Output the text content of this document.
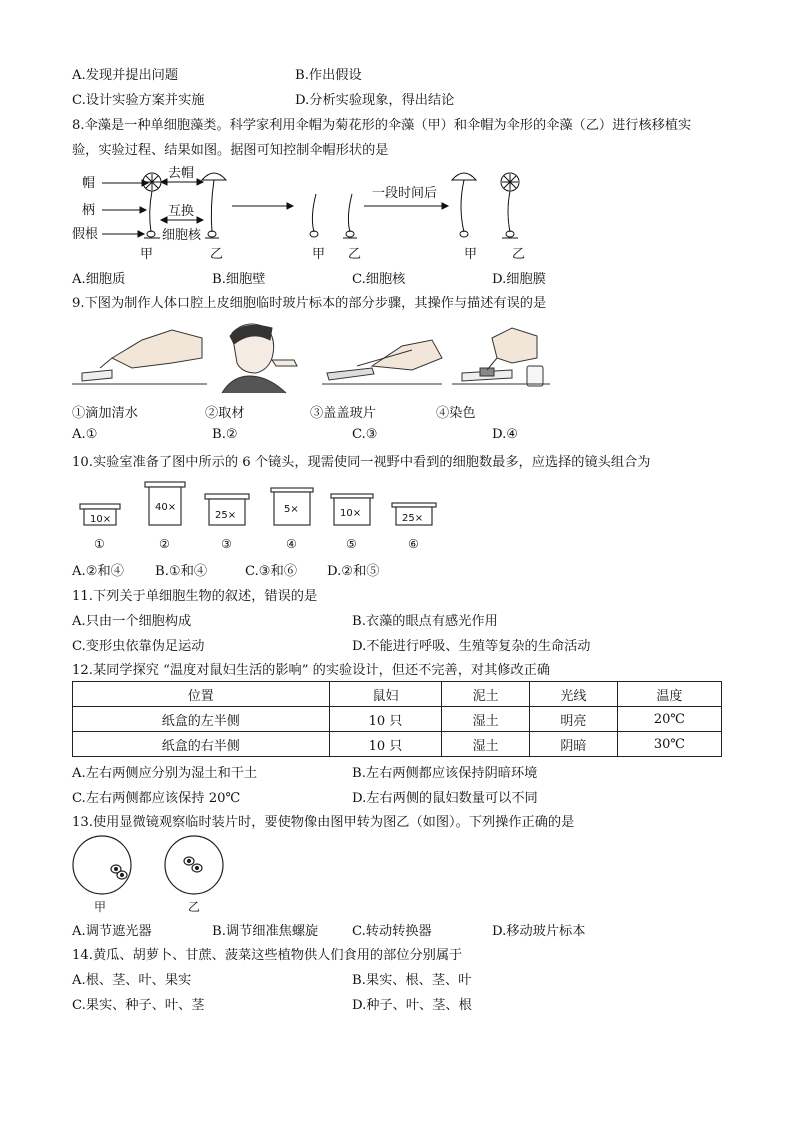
A.发现并提出问题	B.作出假设
C.设计实验方案并实施	D.分析实验现象，得出结论
8.伞藻是一种单细胞藻类。科学家利用伞帽为菊花形的伞藻（甲）和伞帽为伞形的伞藻（乙）进行核移植实
验，实验过程、结果如图。据图可知控制伞帽形状的是
帽
柄
假根
去帽
互换
细胞核
甲	乙	甲 乙
一段时间后
甲	乙
A.细胞质	B.细胞壁	C.细胞核	D.细胞膜
9.下图为制作人体口腔上皮细胞临时玻片标本的部分步骤，其操作与描述有误的是
①滴加清水	②取材	③盖盖玻片	④染色
A.①	B.②	C.③	D.④
10.实验室准备了图中所示的 6 个镜头，现需使同一视野中看到的细胞数最多，应选择的镜头组合为
10×
40×
25×
5×	10×	25×
①	②	③	④	⑤	⑥
A.②和④ B.①和④	C.③和⑥ D.②和⑤
11.下列关于单细胞生物的叙述，错误的是
A.只由一个细胞构成	B.衣藻的眼点有感光作用
C.变形虫依靠伪足运动	D.不能进行呼吸、生殖等复杂的生命活动
12.某同学探究 “温度对鼠妇生活的影响” 的实验设计，但还不完善，对其修改正确
位置	鼠妇	泥土	光线	温度
纸盒的左半侧	10 只	湿土	明亮	20℃
纸盒的右半侧	10 只	湿土	阴暗	30℃
A.左右两侧应分别为湿土和干土	B.左右两侧都应该保持阴暗环境
C.左右两侧都应该保持 20℃	D.左右两侧的鼠妇数量可以不同
13.使用显微镜观察临时装片时，要使物像由图甲转为图乙（如图）。下列操作正确的是
甲	乙
A.调节遮光器	B.调节细准焦螺旋	C.转动转换器	D.移动玻片标本
14.黄瓜、胡萝卜、甘蔗、菠菜这些植物供人们食用的部位分别属于
A.根、茎、叶、果实	B.果实、根、茎、叶
C.果实、种子、叶、茎	D.种子、叶、茎、根
